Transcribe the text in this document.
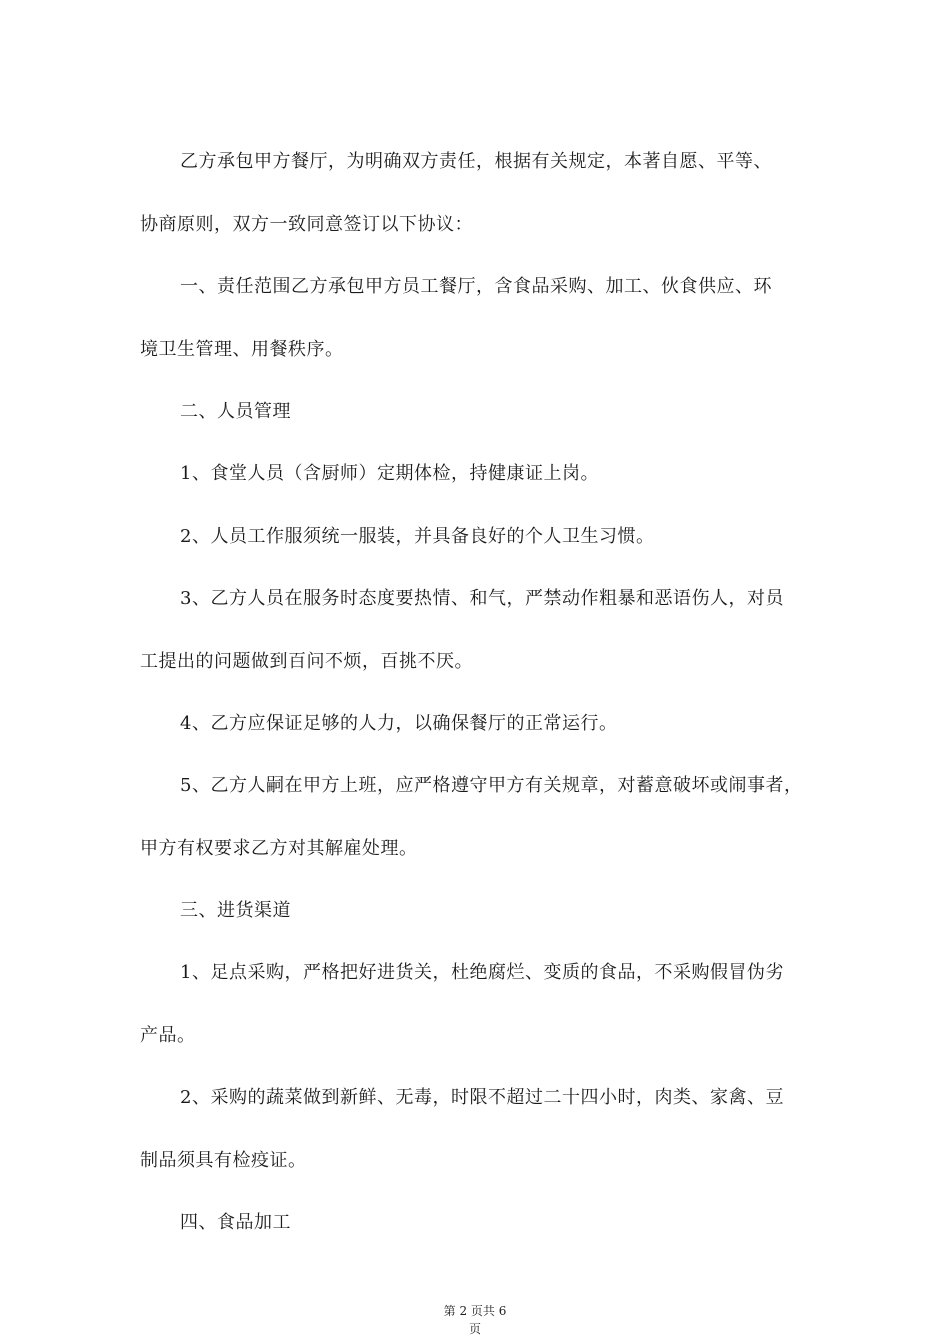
乙方承包甲方餐厅，为明确双方责任，根据有关规定，本著自愿、平等、
协商原则，双方一致同意签订以下协议：
一、责任范围乙方承包甲方员工餐厅，含食品采购、加工、伙食供应、环
境卫生管理、用餐秩序。
二、人员管理
1、食堂人员（含厨师）定期体检，持健康证上岗。
2、人员工作服须统一服装，并具备良好的个人卫生习惯。
3、乙方人员在服务时态度要热情、和气，严禁动作粗暴和恶语伤人，对员
工提出的问题做到百问不烦，百挑不厌。
4、乙方应保证足够的人力，以确保餐厅的正常运行。
5、乙方人嗣在甲方上班，应严格遵守甲方有关规章，对蓄意破坏或闹事者，
甲方有权要求乙方对其解雇处理。
三、进货渠道
1、足点采购，严格把好进货关，杜绝腐烂、变质的食品，不采购假冒伪劣
产品。
2、采购的蔬菜做到新鲜、无毒，时限不超过二十四小时，肉类、家禽、豆
制品须具有检疫证。
四、食品加工
第 2 页共 6
页
